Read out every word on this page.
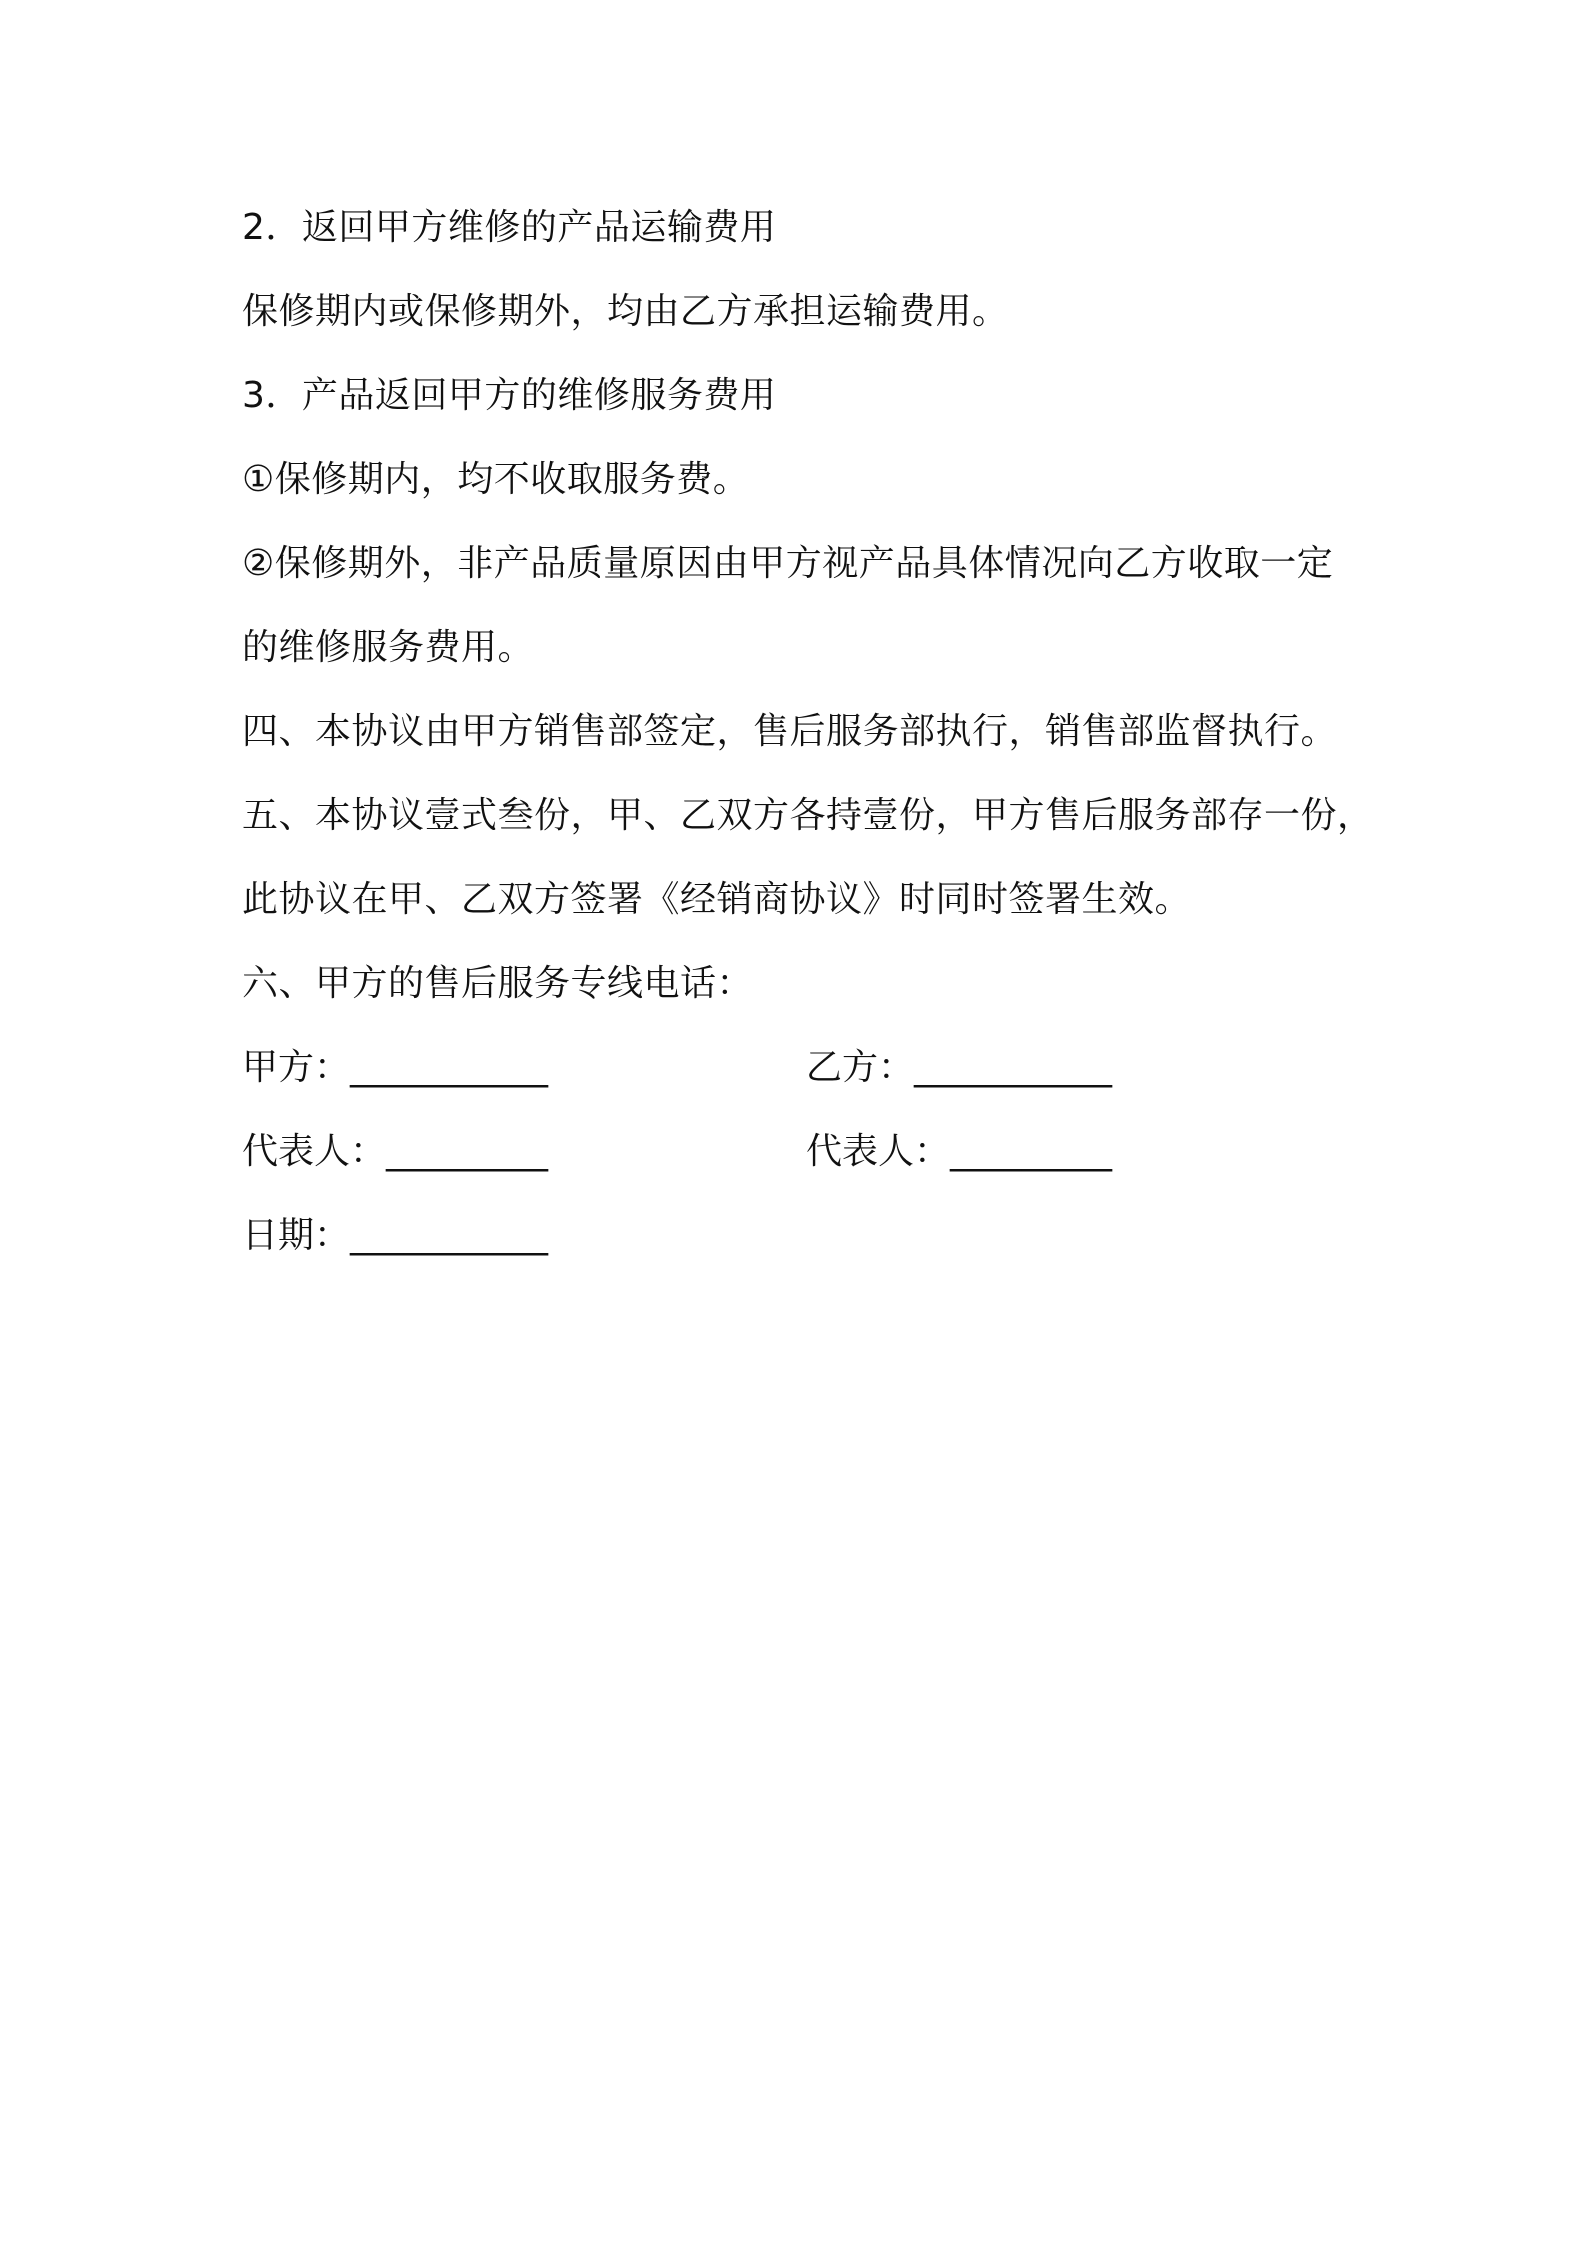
2．返回甲方维修的产品运输费用
保修期内或保修期外，均由乙方承担运输费用。
3．产品返回甲方的维修服务费用
①保修期内，均不收取服务费。
②保修期外，非产品质量原因由甲方视产品具体情况向乙方收取一定
的维修服务费用。
四、本协议由甲方销售部签定，售后服务部执行，销售部监督执行。
五、本协议壹式叁份，甲、乙双方各持壹份，甲方售后服务部存一份，
此协议在甲、乙双方签署《经销商协议》时同时签署生效。
六、甲方的售后服务专线电话：
甲方：___________	乙方：___________
代表人：_________	代表人：_________
日期：___________
